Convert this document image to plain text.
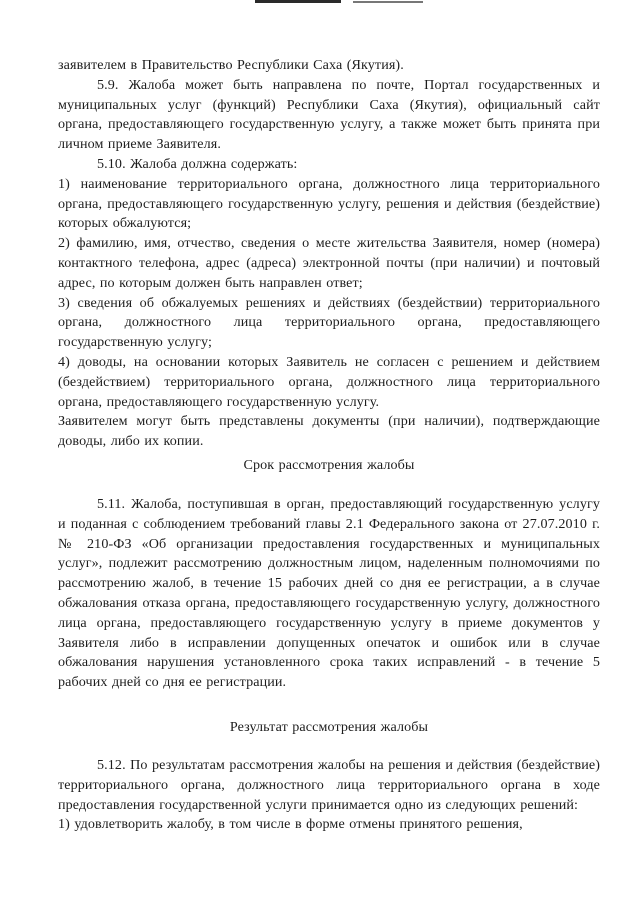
заявителем в Правительство Республики Саха (Якутия).

5.9. Жалоба может быть направлена по почте, Портал государственных и муниципальных услуг (функций) Республики Саха (Якутия), официальный сайт органа, предоставляющего государственную услугу, а также может быть принята при личном приеме Заявителя.

5.10. Жалоба должна содержать:

1) наименование территориального органа, должностного лица территориального органа, предоставляющего государственную услугу, решения и действия (бездействие) которых обжалуются;

2) фамилию, имя, отчество, сведения о месте жительства Заявителя, номер (номера) контактного телефона, адрес (адреса) электронной почты (при наличии) и почтовый адрес, по которым должен быть направлен ответ;

3) сведения об обжалуемых решениях и действиях (бездействии) территориального органа, должностного лица территориального органа, предоставляющего государственную услугу;

4) доводы, на основании которых Заявитель не согласен с решением и действием (бездействием) территориального органа, должностного лица территориального органа, предоставляющего государственную услугу.

Заявителем могут быть представлены документы (при наличии), подтверждающие доводы, либо их копии.

Срок рассмотрения жалобы

5.11. Жалоба, поступившая в орган, предоставляющий государственную услугу и поданная с соблюдением требований главы 2.1 Федерального закона от 27.07.2010 г. № 210-ФЗ «Об организации предоставления государственных и муниципальных услуг», подлежит рассмотрению должностным лицом, наделенным полномочиями по рассмотрению жалоб, в течение 15 рабочих дней со дня ее регистрации, а в случае обжалования отказа органа, предоставляющего государственную услугу, должностного лица органа, предоставляющего государственную услугу в приеме документов у Заявителя либо в исправлении допущенных опечаток и ошибок или в случае обжалования нарушения установленного срока таких исправлений - в течение 5 рабочих дней со дня ее регистрации.

Результат рассмотрения жалобы

5.12. По результатам рассмотрения жалобы на решения и действия (бездействие) территориального органа, должностного лица территориального органа в ходе предоставления государственной услуги принимается одно из следующих решений:

1) удовлетворить жалобу, в том числе в форме отмены принятого решения,
